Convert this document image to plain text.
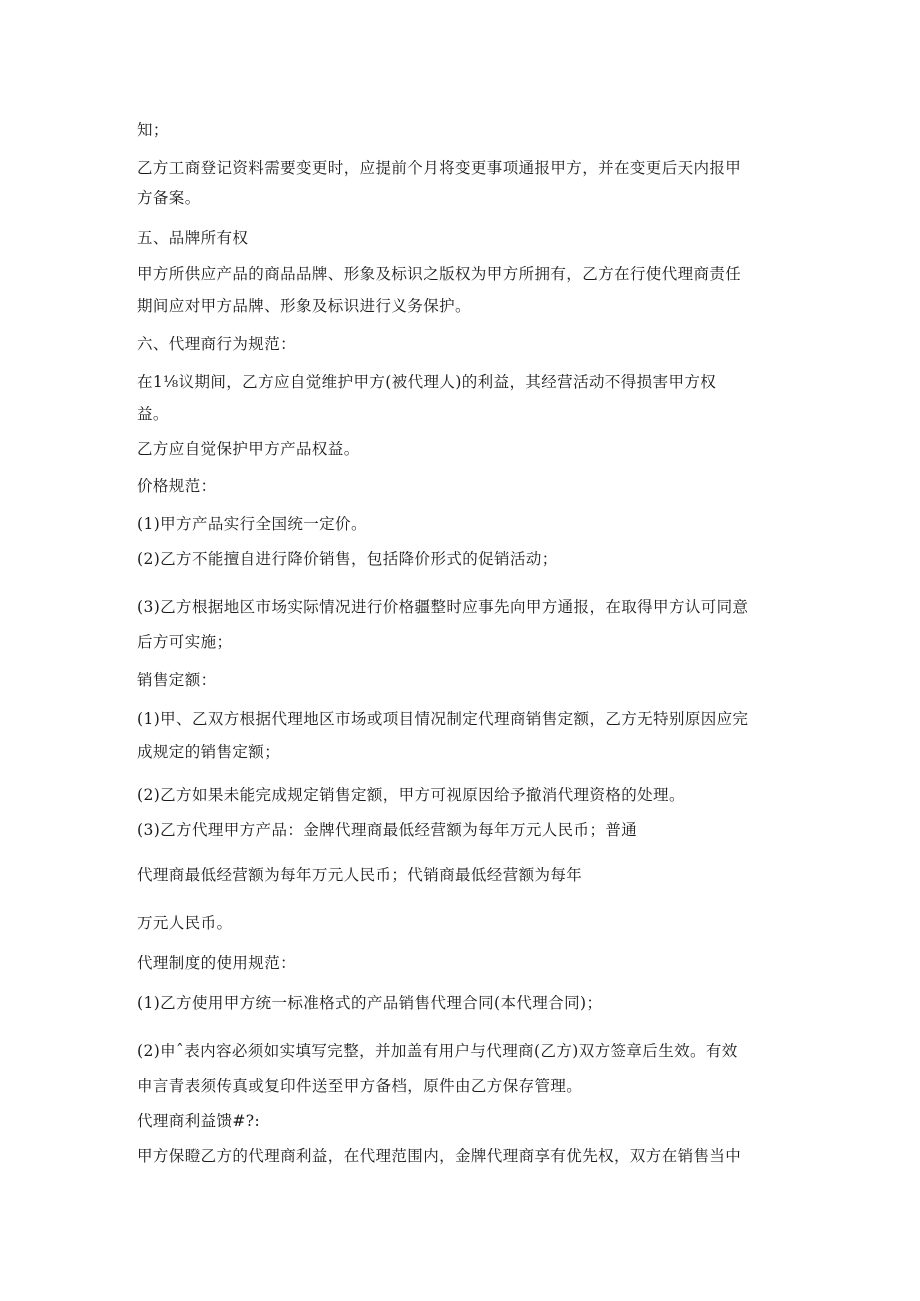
知；

乙方工商登记资料需要变更时，应提前个月将变更事项通报甲方，并在变更后天内报甲

方备案。

五、品牌所有权

甲方所供应产品的商品品牌、形象及标识之版权为甲方所拥有，乙方在行使代理商责任

期间应对甲方品牌、形象及标识进行义务保护。

六、代理商行为规范：

在1⅛议期间，乙方应自觉维护甲方(被代理人)的利益，其经营活动不得损害甲方权

益。

乙方应自觉保护甲方产品权益。

价格规范：

(1)甲方产品实行全国统一定价。

(2)乙方不能擅自进行降价销售，包括降价形式的促销活动；

(3)乙方根据地区市场实际情况进行价格疆整时应事先向甲方通报，在取得甲方认可同意

后方可实施；

销售定额：

(1)甲、乙双方根据代理地区市场或项目情况制定代理商销售定额，乙方无特别原因应完

成规定的销售定额；

(2)乙方如果未能完成规定销售定额，甲方可视原因给予撤消代理资格的处理。

(3)乙方代理甲方产品：金牌代理商最低经营额为每年万元人民币；普通

代理商最低经营额为每年万元人民币；代销商最低经营额为每年

万元人民币。

代理制度的使用规范：

(1)乙方使用甲方统一标准格式的产品销售代理合同(本代理合同)；

(2)申ˆ表内容必须如实填写完整，并加盖有用户与代理商(乙方)双方签章后生效。有效

申言青表须传真或复印件送至甲方备档，原件由乙方保存管理。

代理商利益馈#?:

甲方保瞪乙方的代理商利益，在代理范围内，金牌代理商享有优先权，双方在销售当中
